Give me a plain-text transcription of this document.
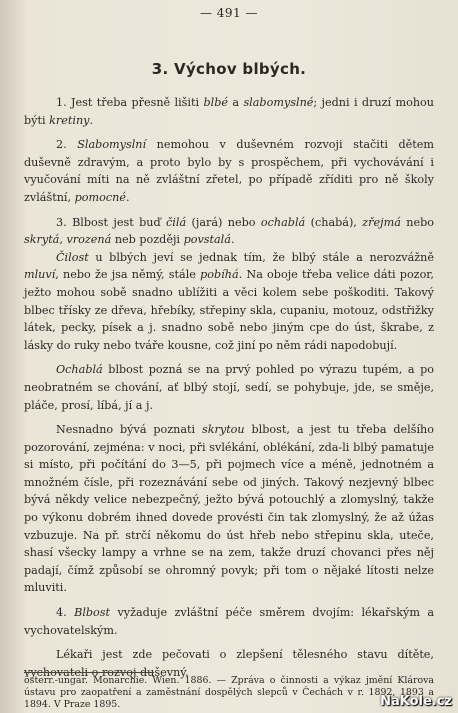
— 491 —
3. Výchov blbých.

1. Jest třeba přesně lišiti blbé a slabomyslné; jedni i druzí mohou býti kretiny.

2. Slabomyslní nemohou v duševném rozvoji stačiti dětem duševně zdravým, a proto bylo by s prospěchem, při vychovávání i vyučování míti na ně zvláštní zřetel, po případě zříditi pro ně školy zvláštní, pomocné.

3. Blbost jest buď čilá (jará) nebo ochablá (chabá), zřejmá nebo skrytá, vrozená neb později povstalá.

Čilost u blbých jeví se jednak tím, že blbý stále a nerozvážně mluví, nebo že jsa němý, stále pobíhá. Na oboje třeba velice dáti pozor, ježto mohou sobě snadno ublížiti a věci kolem sebe poškoditi. Takový blbec třísky ze dřeva, hřebíky, střepiny skla, cupaniu, motouz, odstřižky látek, pecky, písek a j. snadno sobě nebo jiným cpe do úst, škrabe, z lásky do ruky nebo tváře kousne, což jiní po něm rádi napodobují.

Ochablá blbost pozná se na prvý pohled po výrazu tupém, a po neobratném se chování, ať blbý stojí, sedí, se pohybuje, jde, se směje, pláče, prosí, líbá, jí a j.

Nesnadno bývá poznati skrytou blbost, a jest tu třeba delšího pozorování, zejména: v noci, při svlékání, oblékání, zda-li blbý pamatuje si místo, při počítání do 3—5, při pojmech více a méně, jednotném a množném čísle, při rozeznávání sebe od jiných. Takový nezjevný blbec bývá někdy velice nebezpečný, ježto bývá potouchlý a zlomyslný, takže po výkonu dobrém ihned dovede provésti čin tak zlomyslný, že až úžas vzbuzuje. Na př. strčí někomu do úst hřeb nebo střepinu skla, uteče, shasí všecky lampy a vrhne se na zem, takže druzí chovanci přes něj padají, čímž způsobí se ohromný povyk; při tom o nějaké lítosti nelze mluviti.

4. Blbost vyžaduje zvláštní péče směrem dvojím: lékařským a vychovatelským.

Lékaři jest zde pečovati o zlepšení tělesného stavu dítěte, vychovateli o rozvoj duševný.

österr.-ungar. Monarchie. Wien. 1886. — Zpráva o činnosti a výkaz jmění Klárova ústavu pro zaopatření a zaměstnání dospělých slepců v Čechách v r. 1892, 1893 a 1894. V Praze 1895.	NaKole.cz
